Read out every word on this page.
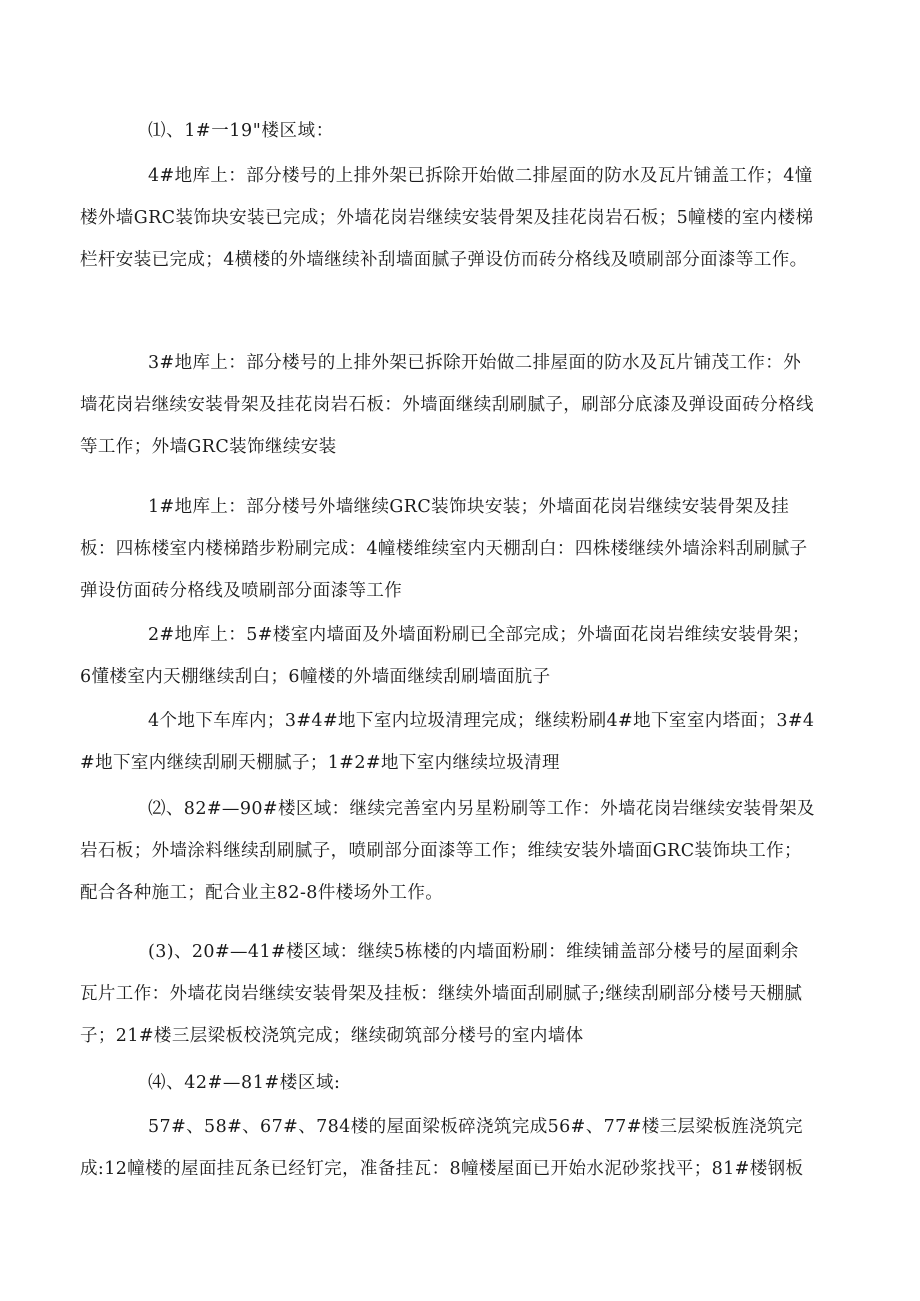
⑴、1#一19"楼区域：

4#地库上：部分楼号的上排外架已拆除开始做二排屋面的防水及瓦片铺盖工作；4憧楼外墙GRC装饰块安装已完成；外墙花岗岩继续安装骨架及挂花岗岩石板；5幢楼的室内楼梯栏杆安装已完成；4横楼的外墙继续补刮墙面腻子弹设仿而砖分格线及喷刷部分面漆等工作。

3#地库上：部分楼号的上排外架已拆除开始做二排屋面的防水及瓦片铺茂工作：外墙花岗岩继续安装骨架及挂花岗岩石板：外墙面继续刮刷腻子，刷部分底漆及弹设面砖分格线等工作；外墙GRC装饰继续安装

1#地库上：部分楼号外墙继续GRC装饰块安装；外墙面花岗岩继续安装骨架及挂板：四栋楼室内楼梯踏步粉刷完成：4幢楼维续室内天棚刮白：四株楼继续外墙涂料刮刷腻子弹设仿面砖分格线及喷刷部分面漆等工作

2#地库上：5#楼室内墙面及外墙面粉刷已全部完成；外墙面花岗岩维续安装骨架；6懂楼室内天棚继续刮白；6幢楼的外墙面继续刮刷墙面肮子

4个地下车库内；3#4#地下室内垃圾清理完成；继续粉刷4#地下室室内塔面；3#4#地下室内继续刮刷天棚腻子；1#2#地下室内继续垃圾清理

⑵、82#—90#楼区域：继续完善室内另星粉刷等工作：外墙花岗岩继续安装骨架及岩石板；外墙涂料继续刮刷腻子，喷刷部分面漆等工作；维续安装外墙面GRC装饰块工作；配合各种施工；配合业主82-8件楼场外工作。

(3)、20#—41#楼区域：继续5栋楼的内墙面粉刷：维续铺盖部分楼号的屋面剩余瓦片工作：外墙花岗岩继续安装骨架及挂板：继续外墙面刮刷腻子;继续刮刷部分楼号天棚腻子；21#楼三层梁板校浇筑完成；继续砌筑部分楼号的室内墙体

⑷、42#—81#楼区域:

57#、58#、67#、784楼的屋面梁板碎浇筑完成56#、77#楼三层梁板旌浇筑完成:12幢楼的屋面挂瓦条已经钉完，准备挂瓦：8幢楼屋面已开始水泥砂浆找平；81#楼钢板
